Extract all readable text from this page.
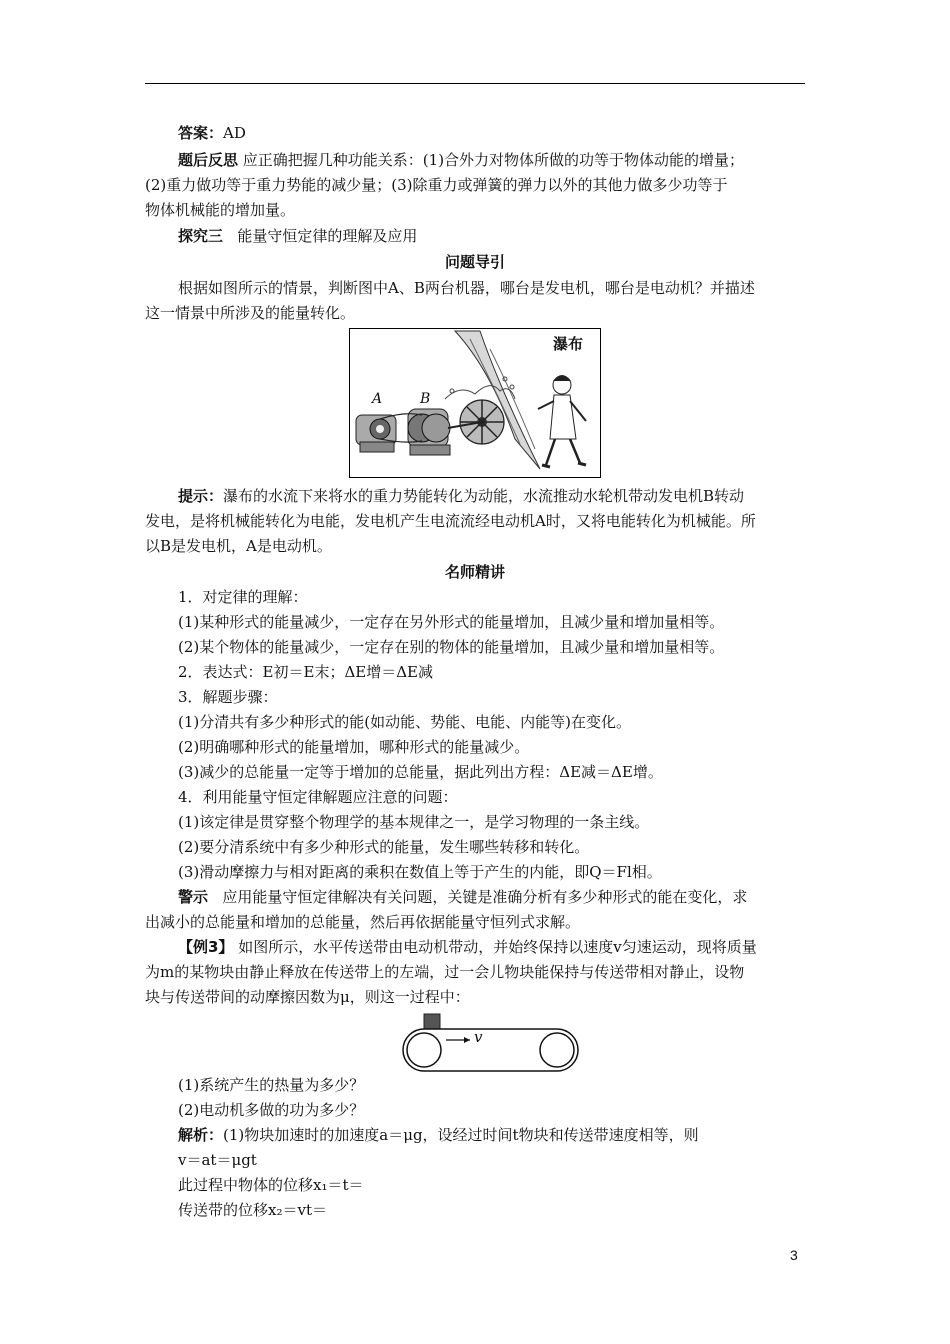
答案：AD
题后反思 应正确把握几种功能关系：(1)合外力对物体所做的功等于物体动能的增量；
(2)重力做功等于重力势能的减少量；(3)除重力或弹簧的弹力以外的其他力做多少功等于
物体机械能的增加量。
探究三 能量守恒定律的理解及应用
问题导引
根据如图所示的情景，判断图中A、B两台机器，哪台是发电机，哪台是电动机？并描述
这一情景中所涉及的能量转化。
瀑布
A	B
提示：瀑布的水流下来将水的重力势能转化为动能，水流推动水轮机带动发电机B转动
发电，是将机械能转化为电能，发电机产生电流流经电动机A时，又将电能转化为机械能。所
以B是发电机，A是电动机。
名师精讲
1．对定律的理解：
(1)某种形式的能量减少，一定存在另外形式的能量增加，且减少量和增加量相等。
(2)某个物体的能量减少，一定存在别的物体的能量增加，且减少量和增加量相等。
2．表达式：E初＝E末；ΔE增＝ΔE减
3．解题步骤：
(1)分清共有多少种形式的能(如动能、势能、电能、内能等)在变化。
(2)明确哪种形式的能量增加，哪种形式的能量减少。
(3)减少的总能量一定等于增加的总能量，据此列出方程：ΔE减＝ΔE增。
4．利用能量守恒定律解题应注意的问题：
(1)该定律是贯穿整个物理学的基本规律之一，是学习物理的一条主线。
(2)要分清系统中有多少种形式的能量，发生哪些转移和转化。
(3)滑动摩擦力与相对距离的乘积在数值上等于产生的内能，即Q＝Fl相。
警示 应用能量守恒定律解决有关问题，关键是准确分析有多少种形式的能在变化，求
出减小的总能量和增加的总能量，然后再依据能量守恒列式求解。
【例3】 如图所示，水平传送带由电动机带动，并始终保持以速度v匀速运动，现将质量
为m的某物块由静止释放在传送带上的左端，过一会儿物块能保持与传送带相对静止，设物
块与传送带间的动摩擦因数为μ，则这一过程中：
v
(1)系统产生的热量为多少？
(2)电动机多做的功为多少？
解析：(1)物块加速时的加速度a＝μg，设经过时间t物块和传送带速度相等，则
v＝at＝μgt
此过程中物体的位移x₁＝t＝
传送带的位移x₂＝vt＝
3
